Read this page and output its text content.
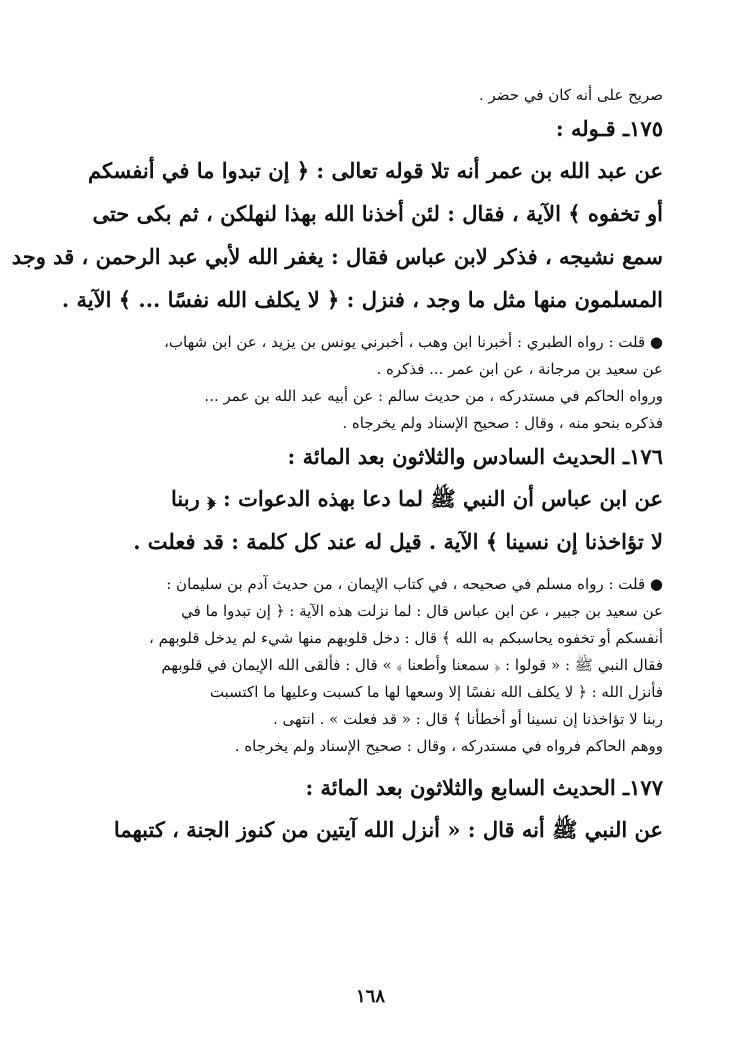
صريح على أنه كان في حضر .
١٧٥ـ قـوله :
عن عبد الله بن عمر أنه تلا قوله تعالى : ﴿ إن تبدوا ما في أنفسكم
أو تخفوه ﴾ الآية ، فقال : لئن أخذنا الله بهذا لنهلكن ، ثم بكى حتى
سمع نشيجه ، فذكر لابن عباس فقال : يغفر الله لأبي عبد الرحمن ، قد وجد
المسلمون منها مثل ما وجد ، فنزل : ﴿ لا يكلف الله نفسًا ... ﴾ الآية .
● قلت : رواه الطبري : أخبرنا ابن وهب ، أخبرني يونس بن يزيد ، عن ابن شهاب،
عن سعيد بن مرجانة ، عن ابن عمر ... فذكره .
ورواه الحاكم في مستدركه ، من حديث سالم : عن أبيه عبد الله بن عمر ...
فذكره بنحو منه ، وقال : صحيح الإسناد ولم يخرجاه .
١٧٦ـ الحديث السادس والثلاثون بعد المائة :
عن ابن عباس أن النبي ﷺ لما دعا بهذه الدعوات : ﴿ ربنا
لا تؤاخذنا إن نسينا ﴾ الآية . قيل له عند كل كلمة : قد فعلت .
● قلت : رواه مسلم في صحيحه ، في كتاب الإيمان ، من حديث آدم بن سليمان :
عن سعيد بن جبير ، عن ابن عباس قال : لما نزلت هذه الآية : ﴿ إن تبدوا ما في
أنفسكم أو تخفوه يحاسبكم به الله ﴾ قال : دخل قلوبهم منها شيء لم يدخل قلوبهم ،
فقال النبي ﷺ : « قولوا : ﴿ سمعنا وأطعنا ﴾ » قال : فألقى الله الإيمان في قلوبهم
فأنزل الله : ﴿ لا يكلف الله نفسًا إلا وسعها لها ما كسبت وعليها ما اكتسبت
ربنا لا تؤاخذنا إن نسينا أو أخطأنا ﴾ قال : « قد فعلت » . انتهى .
ووهم الحاكم فرواه في مستدركه ، وقال : صحيح الإسناد ولم يخرجاه .
١٧٧ـ الحديث السابع والثلاثون بعد المائة :
عن النبي ﷺ أنه قال : « أنزل الله آيتين من كنوز الجنة ، كتبهما
١٦٨
